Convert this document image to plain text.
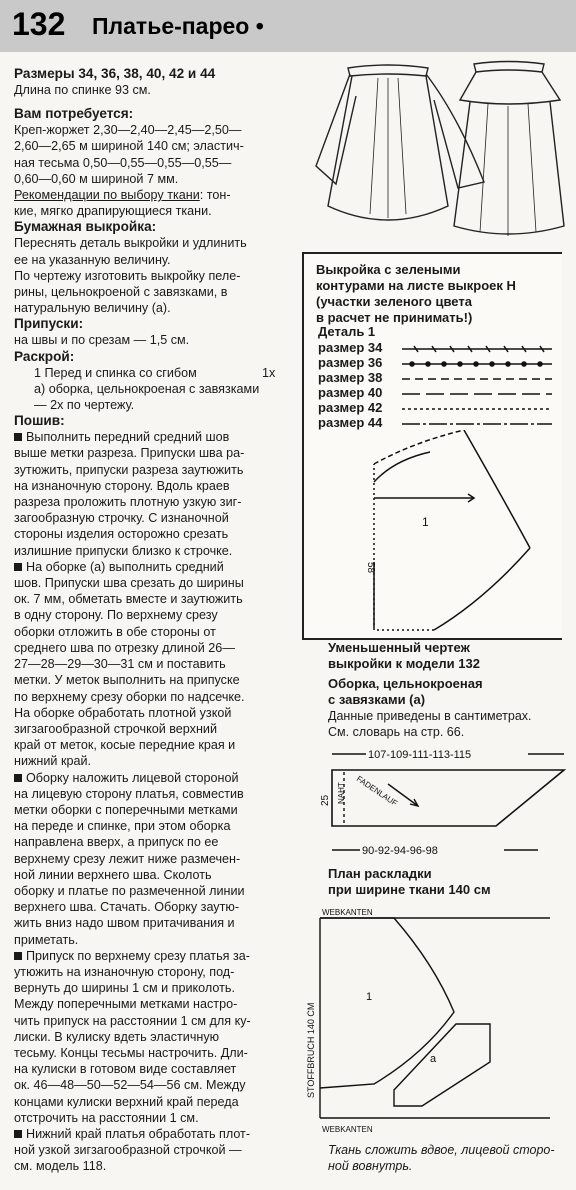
132 Платье-парео •

Размеры 34, 36, 38, 40, 42 и 44

Длина по спинке 93 см.

Вам потребуется:

Креп-жоржет 2,30—2,40—2,45—2,50—
2,60—2,65 м шириной 140 см; эластич-
ная тесьма 0,50—0,55—0,55—0,55—
0,60—0,60 м шириной 7 мм.

Рекомендации по выбору ткани: тон-

кие, мягко драпирующиеся ткани.

Бумажная выкройка:

Переснять деталь выкройки и удлинить
ее на указанную величину.
По чертежу изготовить выкройку пеле-
рины, цельнокроеной с завязками, в
натуральную величину (а).

Припуски:

на швы и по срезам — 1,5 см.

Раскрой:

1 Перед и спинка со сгибом	1х

а) оборка, цельнокроеная с завязками

— 2х по чертежу.

Пошив:

Выполнить передний средний шов
выше метки разреза. Припуски шва ра-
зутюжить, припуски разреза заутюжить
на изнаночную сторону. Вдоль краев
разреза проложить плотную узкую зиг-
загообразную строчку. С изнаночной
стороны изделия осторожно срезать
излишние припуски близко к строчке.
На оборке (а) выполнить средний
шов. Припуски шва срезать до ширины
ок. 7 мм, обметать вместе и заутюжить
в одну сторону. По верхнему срезу
оборки отложить в обе стороны от
среднего шва по отрезку длиной 26—
27—28—29—30—31 см и поставить
метки. У меток выполнить на припуске
по верхнему срезу оборки по надсечке.
На оборке обработать плотной узкой
зигзагообразной строчкой верхний
край от меток, косые передние края и
нижний край.
Оборку наложить лицевой стороной
на лицевую сторону платья, совместив
метки оборки с поперечными метками
на переде и спинке, при этом оборка
направлена вверх, а припуск по ее
верхнему срезу лежит ниже размечен-
ной линии верхнего шва. Сколоть
оборку и платье по размеченной линии
верхнего шва. Стачать. Оборку заутю-
жить вниз надо швом притачивания и
приметать.
Припуск по верхнему срезу платья за-
утюжить на изнаночную сторону, под-
вернуть до ширины 1 см и приколоть.
Между поперечными метками настро-
чить припуск на расстоянии 1 см для ку-
лиски. В кулиску вдеть эластичную
тесьму. Концы тесьмы настрочить. Дли-
на кулиски в готовом виде составляет
ок. 46—48—50—52—54—56 см. Между
концами кулиски верхний край переда
отстрочить на расстоянии 1 см.
Нижний край платья обработать плот-
ной узкой зигзагообразной строчкой —
см. модель 118.
Выкройка с зелеными
контурами на листе выкроек Н
(участки зеленого цвета
в расчет не принимать!)
Деталь 1
размер 34
размер 36
размер 38
размер 40
размер 42
размер 44
1
58
Уменьшенный чертеж
выкройки к модели 132
Оборка, цельнокроеная
с завязками (а)
Данные приведены в сантиметрах.
См. словарь на стр. 66.
107-109-111-113-115
90-92-94-96-98
25 NAHT FADENLAUF
План раскладки
при ширине ткани 140 см
WEBKANTEN
WEBKANTEN
STOFFBRUCH 140 CM
1
а
Ткань сложить вдвое, лицевой сторо-
ной вовнутрь.
